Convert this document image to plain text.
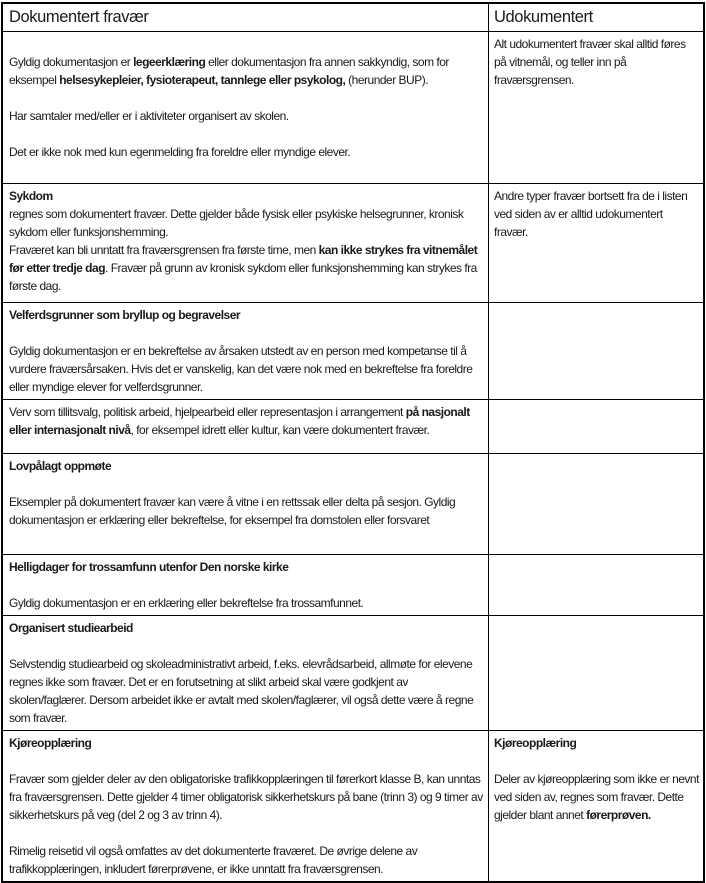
Dokumentert fravær	Udokumentert
Gyldig dokumentasjon er legeerklæring eller dokumentasjon fra annen sakkyndig, som for eksempel helsesykepleier, fysioterapeut, tannlege eller psykolog, (herunder BUP).
Har samtaler med/eller er i aktiviteter organisert av skolen.
Det er ikke nok med kun egenmelding fra foreldre eller myndige elever.
Alt udokumentert fravær skal alltid føres på vitnemål, og teller inn på fraværsgrensen.
Sykdom
regnes som dokumentert fravær. Dette gjelder både fysisk eller psykiske helsegrunner, kronisk sykdom eller funksjonshemming.
Fraværet kan bli unntatt fra fraværsgrensen fra første time, men kan ikke strykes fra vitnemålet før etter tredje dag. Fravær på grunn av kronisk sykdom eller funksjonshemming kan strykes fra første dag.
Andre typer fravær bortsett fra de i listen ved siden av er alltid udokumentert fravær.
Velferdsgrunner som bryllup og begravelser
Gyldig dokumentasjon er en bekreftelse av årsaken utstedt av en person med kompetanse til å vurdere fraværsårsaken. Hvis det er vanskelig, kan det være nok med en bekreftelse fra foreldre eller myndige elever for velferdsgrunner.
Verv som tillitsvalg, politisk arbeid, hjelpearbeid eller representasjon i arrangement på nasjonalt eller internasjonalt nivå, for eksempel idrett eller kultur, kan være dokumentert fravær.
Lovpålagt oppmøte
Eksempler på dokumentert fravær kan være å vitne i en rettssak eller delta på sesjon. Gyldig dokumentasjon er erklæring eller bekreftelse, for eksempel fra domstolen eller forsvaret
Helligdager for trossamfunn utenfor Den norske kirke
Gyldig dokumentasjon er en erklæring eller bekreftelse fra trossamfunnet.
Organisert studiearbeid
Selvstendig studiearbeid og skoleadministrativt arbeid, f.eks. elevrådsarbeid, allmøte for elevene regnes ikke som fravær. Det er en forutsetning at slikt arbeid skal være godkjent av skolen/faglærer. Dersom arbeidet ikke er avtalt med skolen/faglærer, vil også dette være å regne som fravær.
Kjøreopplæring
Fravær som gjelder deler av den obligatoriske trafikkopplæringen til førerkort klasse B, kan unntas fra fraværsgrensen. Dette gjelder 4 timer obligatorisk sikkerhetskurs på bane (trinn 3) og 9 timer av sikkerhetskurs på veg (del 2 og 3 av trinn 4).
Rimelig reisetid vil også omfattes av det dokumenterte fraværet. De øvrige delene av trafikkopplæringen, inkludert førerprøvene, er ikke unntatt fra fraværsgrensen.
Kjøreopplæring
Deler av kjøreopplæring som ikke er nevnt ved siden av, regnes som fravær. Dette gjelder blant annet førerprøven.
